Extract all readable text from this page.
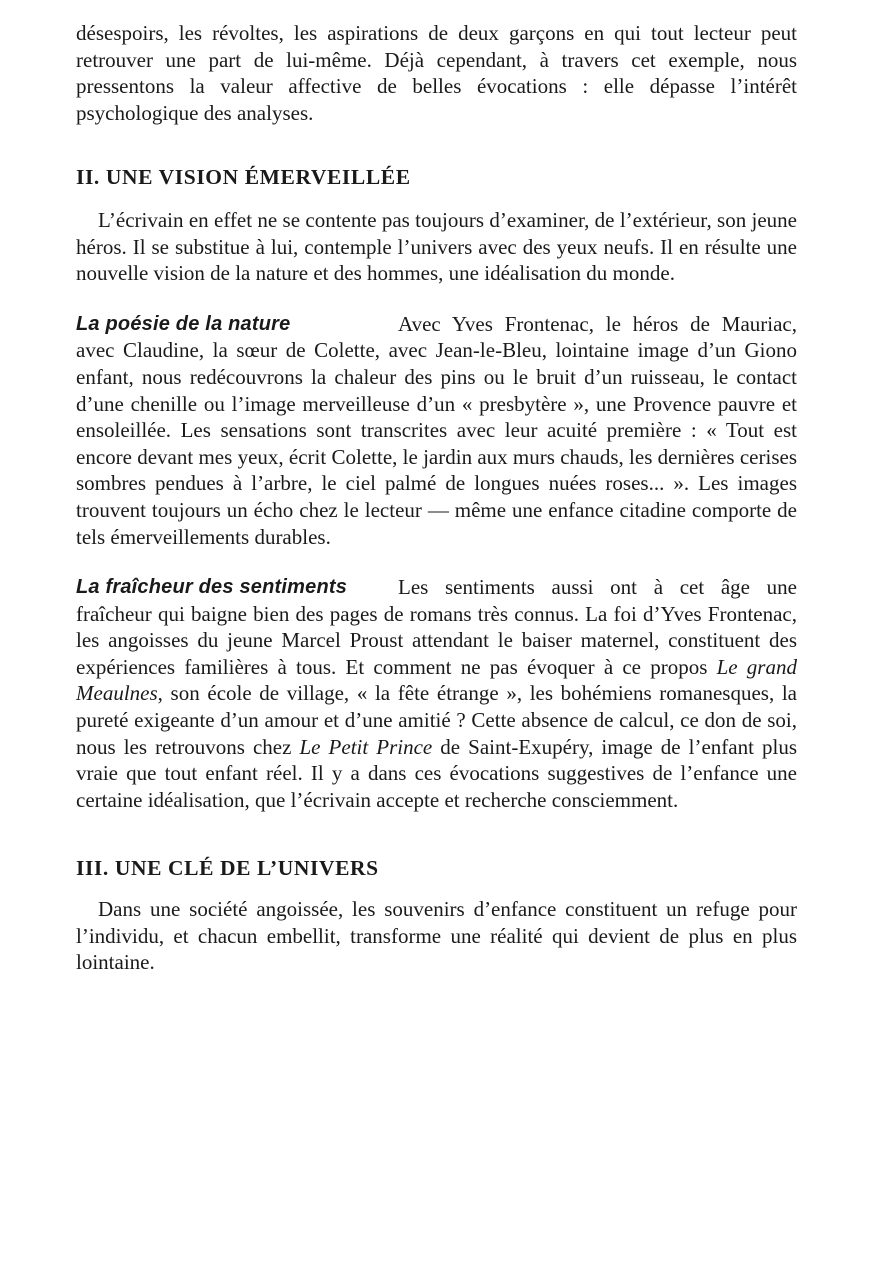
désespoirs, les révoltes, les aspirations de deux garçons en qui tout lecteur peut retrouver une part de lui-même. Déjà cependant, à travers cet exemple, nous pressentons la valeur affective de belles évocations : elle dépasse l’intérêt psychologique des analyses.

II. UNE VISION ÉMERVEILLÉE

L’écrivain en effet ne se contente pas toujours d’examiner, de l’extérieur, son jeune héros. Il se substitue à lui, contemple l’univers avec des yeux neufs. Il en résulte une nouvelle vision de la nature et des hommes, une idéalisation du monde.

La poésie de la nature	Avec Yves Frontenac, le héros de Mauriac, avec Claudine, la sœur de Colette, avec Jean-le-Bleu, lointaine image d’un Giono enfant, nous redécouvrons la chaleur des pins ou le bruit d’un ruisseau, le contact d’une chenille ou l’image merveilleuse d’un « presbytère », une Provence pauvre et ensoleillée. Les sensations sont transcrites avec leur acuité première : « Tout est encore devant mes yeux, écrit Colette, le jardin aux murs chauds, les dernières cerises sombres pendues à l’arbre, le ciel palmé de longues nuées roses... ». Les images trouvent toujours un écho chez le lecteur — même une enfance citadine comporte de tels émerveillements durables.

La fraîcheur des sentiments	Les sentiments aussi ont à cet âge une fraîcheur qui baigne bien des pages de romans très connus. La foi d’Yves Frontenac, les angoisses du jeune Marcel Proust attendant le baiser maternel, constituent des expériences familières à tous. Et comment ne pas évoquer à ce propos Le grand Meaulnes, son école de village, « la fête étrange », les bohémiens romanesques, la pureté exigeante d’un amour et d’une amitié ? Cette absence de calcul, ce don de soi, nous les retrouvons chez Le Petit Prince de Saint-Exupéry, image de l’enfant plus vraie que tout enfant réel. Il y a dans ces évocations suggestives de l’enfance une certaine idéalisation, que l’écrivain accepte et recherche consciemment.

III. UNE CLÉ DE L’UNIVERS

Dans une société angoissée, les souvenirs d’enfance constituent un refuge pour l’individu, et chacun embellit, transforme une réalité qui devient de plus en plus lointaine.
